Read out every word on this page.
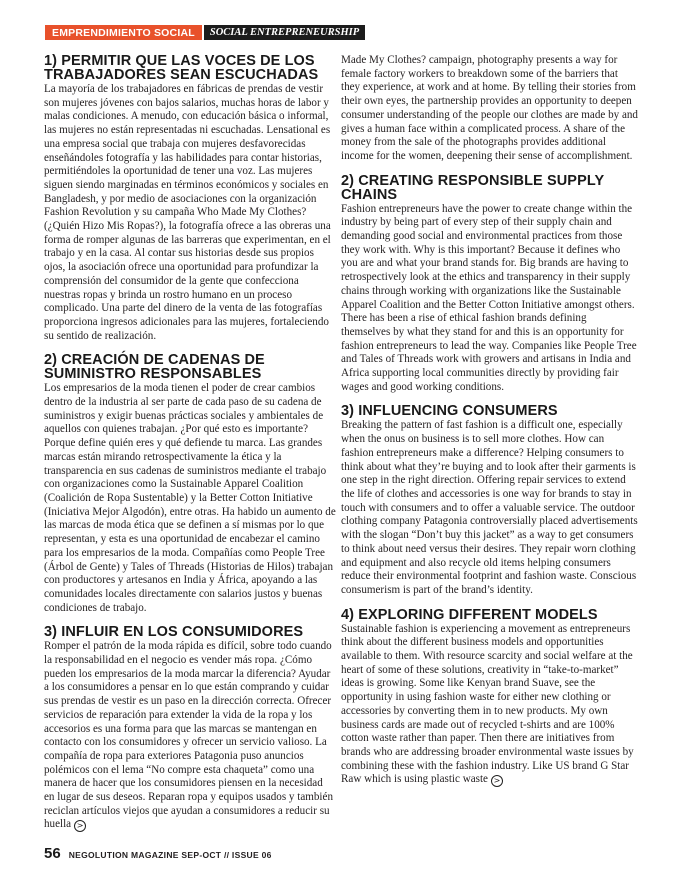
EMPRENDIMIENTO SOCIAL	SOCIAL ENTREPRENEURSHIP
1) PERMITIR QUE LAS VOCES DE LOS TRABAJADORES SEAN ESCUCHADAS

La mayoría de los trabajadores en fábricas de prendas de vestir son mujeres jóvenes con bajos salarios, muchas horas de labor y malas condiciones. A menudo, con educación básica o informal, las mujeres no están representadas ni escuchadas. Lensational es una empresa social que trabaja con mujeres desfavorecidas enseñándoles fotografía y las habilidades para contar historias, permitiéndoles la oportunidad de tener una voz. Las mujeres siguen siendo marginadas en términos económicos y sociales en Bangladesh, y por medio de asociaciones con la organización Fashion Revolution y su campaña Who Made My Clothes? (¿Quién Hizo Mis Ropas?), la fotografía ofrece a las obreras una forma de romper algunas de las barreras que experimentan, en el trabajo y en la casa. Al contar sus historias desde sus propios ojos, la asociación ofrece una oportunidad para profundizar la comprensión del consumidor de la gente que confecciona nuestras ropas y brinda un rostro humano en un proceso complicado. Una parte del dinero de la venta de las fotografías proporciona ingresos adicionales para las mujeres, fortaleciendo su sentido de realización.

2) CREACIÓN DE CADENAS DE SUMINISTRO RESPONSABLES

Los empresarios de la moda tienen el poder de crear cambios dentro de la industria al ser parte de cada paso de su cadena de suministros y exigir buenas prácticas sociales y ambientales de aquellos con quienes trabajan. ¿Por qué esto es importante? Porque define quién eres y qué defiende tu marca. Las grandes marcas están mirando retrospectivamente la ética y la transparencia en sus cadenas de suministros mediante el trabajo con organizaciones como la Sustainable Apparel Coalition (Coalición de Ropa Sustentable) y la Better Cotton Initiative (Iniciativa Mejor Algodón), entre otras. Ha habido un aumento de las marcas de moda ética que se definen a sí mismas por lo que representan, y esta es una oportunidad de encabezar el camino para los empresarios de la moda. Compañías como People Tree (Árbol de Gente) y Tales of Threads (Historias de Hilos) trabajan con productores y artesanos en India y África, apoyando a las comunidades locales directamente con salarios justos y buenas condiciones de trabajo.

3) INFLUIR EN LOS CONSUMIDORES

Romper el patrón de la moda rápida es difícil, sobre todo cuando la responsabilidad en el negocio es vender más ropa. ¿Cómo pueden los empresarios de la moda marcar la diferencia? Ayudar a los consumidores a pensar en lo que están comprando y cuidar sus prendas de vestir es un paso en la dirección correcta. Ofrecer servicios de reparación para extender la vida de la ropa y los accesorios es una forma para que las marcas se mantengan en contacto con los consumidores y ofrecer un servicio valioso. La compañía de ropa para exteriores Patagonia puso anuncios polémicos con el lema “No compre esta chaqueta” como una manera de hacer que los consumidores piensen en la necesidad en lugar de sus deseos. Reparan ropa y equipos usados y también reciclan artículos viejos que ayudan a consumidores a reducir su huella >

Made My Clothes? campaign, photography presents a way for female factory workers to breakdown some of the barriers that they experience, at work and at home. By telling their stories from their own eyes, the partnership provides an opportunity to deepen consumer understanding of the people our clothes are made by and gives a human face within a complicated process. A share of the money from the sale of the photographs provides additional income for the women, deepening their sense of accomplishment.

2) CREATING RESPONSIBLE SUPPLY CHAINS

Fashion entrepreneurs have the power to create change within the industry by being part of every step of their supply chain and demanding good social and environmental practices from those they work with. Why is this important? Because it defines who you are and what your brand stands for. Big brands are having to retrospectively look at the ethics and transparency in their supply chains through working with organizations like the Sustainable Apparel Coalition and the Better Cotton Initiative amongst others. There has been a rise of ethical fashion brands defining themselves by what they stand for and this is an opportunity for fashion entrepreneurs to lead the way. Companies like People Tree and Tales of Threads work with growers and artisans in India and Africa supporting local communities directly by providing fair wages and good working conditions.

3) INFLUENCING CONSUMERS

Breaking the pattern of fast fashion is a difficult one, especially when the onus on business is to sell more clothes. How can fashion entrepreneurs make a difference? Helping consumers to think about what they’re buying and to look after their garments is one step in the right direction. Offering repair services to extend the life of clothes and accessories is one way for brands to stay in touch with consumers and to offer a valuable service. The outdoor clothing company Patagonia controversially placed advertisements with the slogan “Don’t buy this jacket” as a way to get consumers to think about need versus their desires. They repair worn clothing and equipment and also recycle old items helping consumers reduce their environmental footprint and fashion waste. Conscious consumerism is part of the brand’s identity.

4) EXPLORING DIFFERENT MODELS

Sustainable fashion is experiencing a movement as entrepreneurs think about the different business models and opportunities available to them. With resource scarcity and social welfare at the heart of some of these solutions, creativity in “take-to-market” ideas is growing. Some like Kenyan brand Suave, see the opportunity in using fashion waste for either new clothing or accessories by converting them in to new products. My own business cards are made out of recycled t-shirts and are 100% cotton waste rather than paper. Then there are initiatives from brands who are addressing broader environmental waste issues by combining these with the fashion industry. Like US brand G Star Raw which is using plastic waste >

56 NEGOLUTION MAGAZINE SEP-OCT // ISSUE 06
